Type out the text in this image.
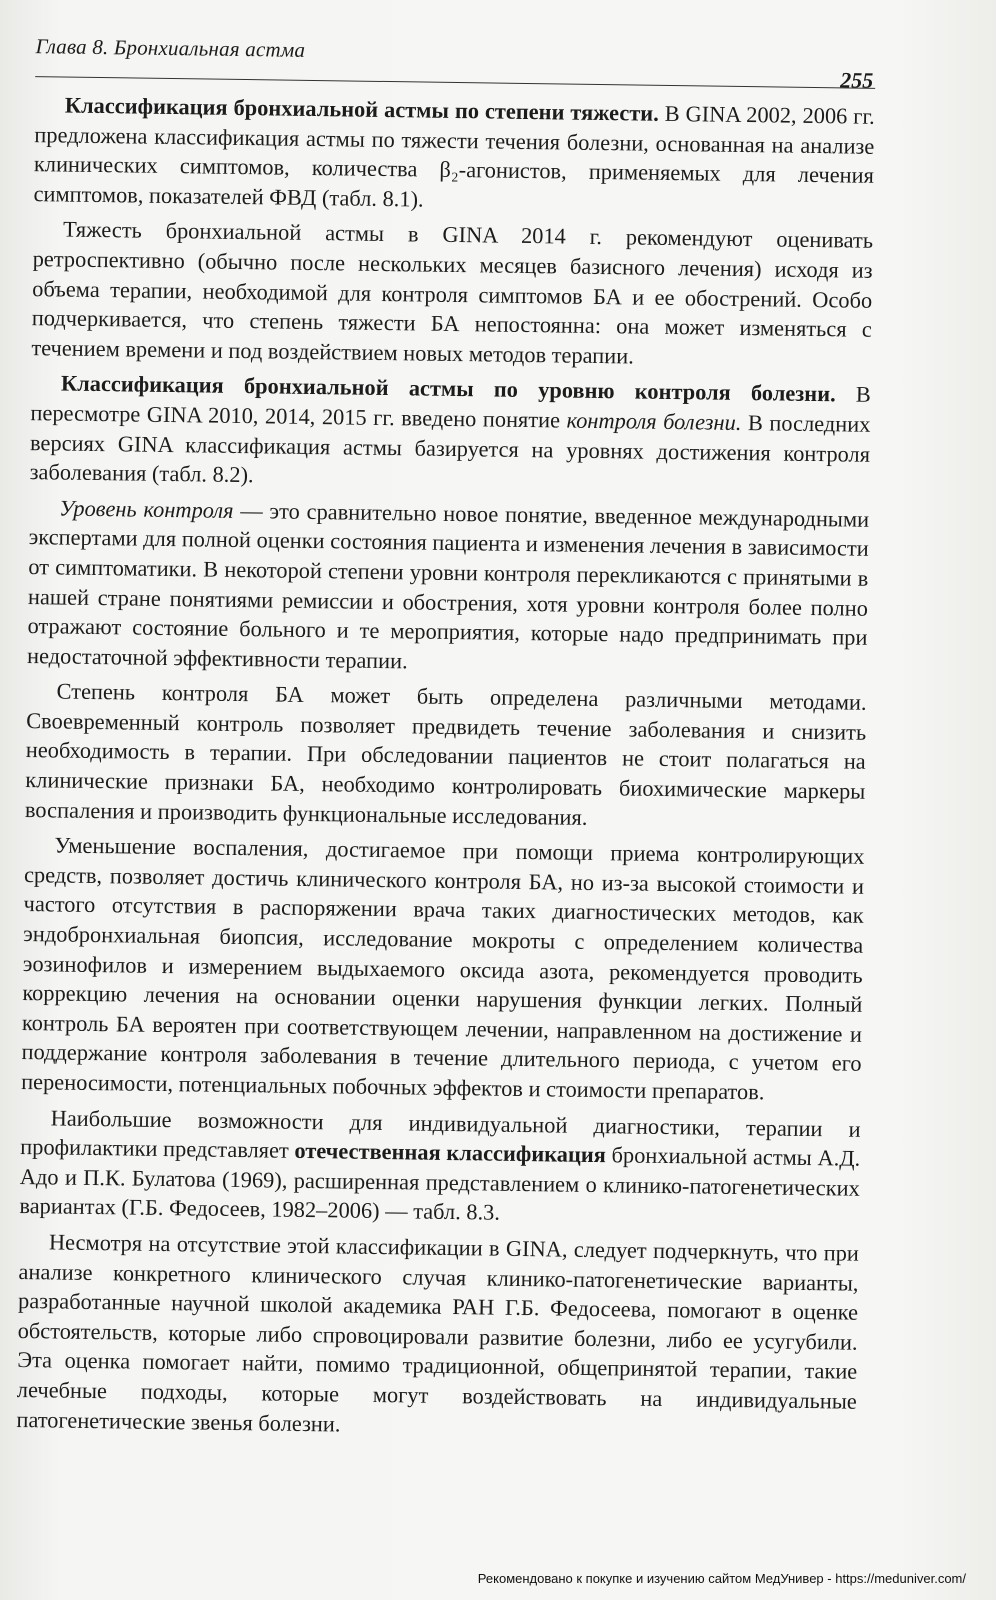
Глава 8. Бронхиальная астма
255

Классификация бронхиальной астмы по степени тяжести. В GINA 2002, 2006 гг. предложена классификация астмы по тяжести течения болезни, основанная на анализе клинических симптомов, количества β₂-агонистов, применяемых для лечения симптомов, показателей ФВД (табл. 8.1).

Тяжесть бронхиальной астмы в GINA 2014 г. рекомендуют оценивать ретроспективно (обычно после нескольких месяцев базисного лечения) исходя из объема терапии, необходимой для контроля симптомов БА и ее обострений. Особо подчеркивается, что степень тяжести БА непостоянна: она может изменяться с течением времени и под воздействием новых методов терапии.

Классификация бронхиальной астмы по уровню контроля болезни. В пересмотре GINA 2010, 2014, 2015 гг. введено понятие контроля болезни. В последних версиях GINA классификация астмы базируется на уровнях достижения контроля заболевания (табл. 8.2).

Уровень контроля — это сравнительно новое понятие, введенное международными экспертами для полной оценки состояния пациента и изменения лечения в зависимости от симптоматики. В некоторой степени уровни контроля перекликаются с принятыми в нашей стране понятиями ремиссии и обострения, хотя уровни контроля более полно отражают состояние больного и те мероприятия, которые надо предпринимать при недостаточной эффективности терапии.

Степень контроля БА может быть определена различными методами. Своевременный контроль позволяет предвидеть течение заболевания и снизить необходимость в терапии. При обследовании пациентов не стоит полагаться на клинические признаки БА, необходимо контролировать биохимические маркеры воспаления и производить функциональные исследования.

Уменьшение воспаления, достигаемое при помощи приема контролирующих средств, позволяет достичь клинического контроля БА, но из-за высокой стоимости и частого отсутствия в распоряжении врача таких диагностических методов, как эндобронхиальная биопсия, исследование мокроты с определением количества эозинофилов и измерением выдыхаемого оксида азота, рекомендуется проводить коррекцию лечения на основании оценки нарушения функции легких. Полный контроль БА вероятен при соответствующем лечении, направленном на достижение и поддержание контроля заболевания в течение длительного периода, с учетом его переносимости, потенциальных побочных эффектов и стоимости препаратов.

Наибольшие возможности для индивидуальной диагностики, терапии и профилактики представляет отечественная классификация бронхиальной астмы А.Д. Адо и П.К. Булатова (1969), расширенная представлением о клинико-патогенетических вариантах (Г.Б. Федосеев, 1982–2006) — табл. 8.3.

Несмотря на отсутствие этой классификации в GINA, следует подчеркнуть, что при анализе конкретного клинического случая клинико-патогенетические варианты, разработанные научной школой академика РАН Г.Б. Федосеева, помогают в оценке обстоятельств, которые либо спровоцировали развитие болезни, либо ее усугубили. Эта оценка помогает найти, помимо традиционной, общепринятой терапии, такие лечебные подходы, которые могут воздействовать на индивидуальные патогенетические звенья болезни.

Рекомендовано к покупке и изучению сайтом МедУнивер - https://meduniver.com/
